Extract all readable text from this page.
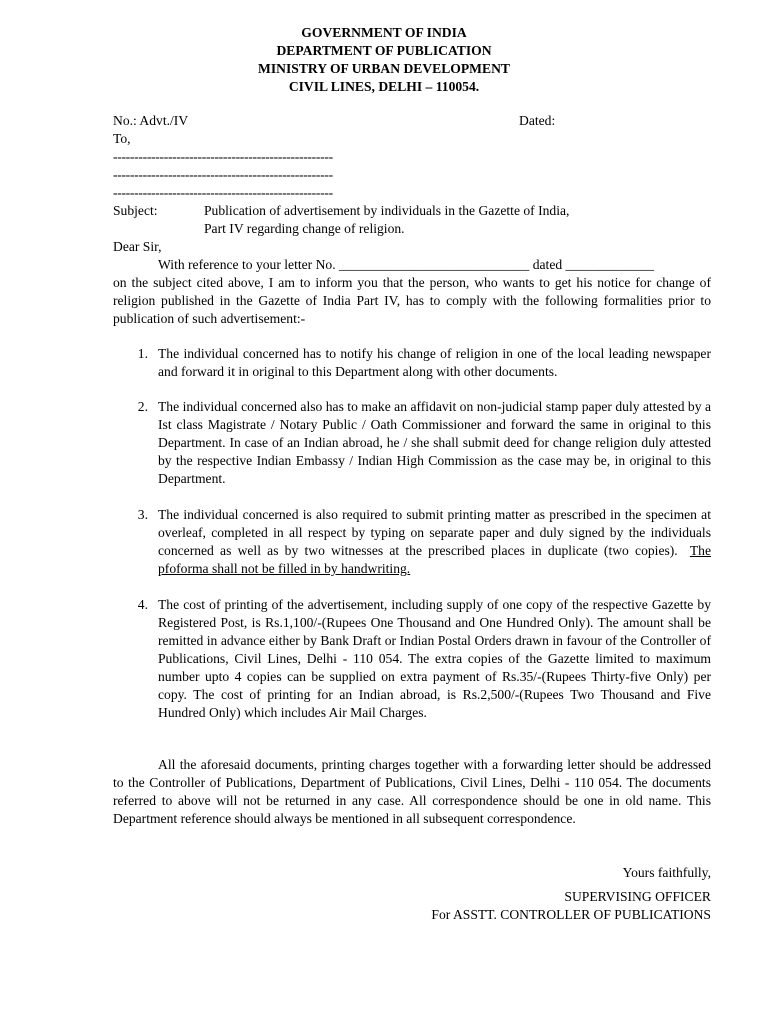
GOVERNMENT OF INDIA
DEPARTMENT OF PUBLICATION
MINISTRY OF URBAN DEVELOPMENT
CIVIL LINES, DELHI – 110054.
No.: Advt./IV	Dated:
To,
----------------------------------------------------
----------------------------------------------------
----------------------------------------------------
Subject:	Publication of advertisement by individuals in the Gazette of India,
Part IV regarding change of religion.
Dear Sir,
With reference to your letter No. ____________________________ dated _____________
on the subject cited above, I am to inform you that the person, who wants to get his notice for change of religion published in the Gazette of India Part IV, has to comply with the following formalities prior to publication of such advertisement:-
1. The individual concerned has to notify his change of religion in one of the local leading newspaper and forward it in original to this Department along with other documents.
2. The individual concerned also has to make an affidavit on non-judicial stamp paper duly attested by a Ist class Magistrate / Notary Public / Oath Commissioner and forward the same in original to this Department. In case of an Indian abroad, he / she shall submit deed for change religion duly attested by the respective Indian Embassy / Indian High Commission as the case may be, in original to this Department.
3. The individual concerned is also required to submit printing matter as prescribed in the specimen at overleaf, completed in all respect by typing on separate paper and duly signed by the individuals concerned as well as by two witnesses at the prescribed places in duplicate (two copies). The pfoforma shall not be filled in by handwriting.
4. The cost of printing of the advertisement, including supply of one copy of the respective Gazette by Registered Post, is Rs.1,100/-(Rupees One Thousand and One Hundred Only). The amount shall be remitted in advance either by Bank Draft or Indian Postal Orders drawn in favour of the Controller of Publications, Civil Lines, Delhi - 110 054. The extra copies of the Gazette limited to maximum number upto 4 copies can be supplied on extra payment of Rs.35/-(Rupees Thirty-five Only) per copy. The cost of printing for an Indian abroad, is Rs.2,500/-(Rupees Two Thousand and Five Hundred Only) which includes Air Mail Charges.
All the aforesaid documents, printing charges together with a forwarding letter should be addressed to the Controller of Publications, Department of Publications, Civil Lines, Delhi - 110 054. The documents referred to above will not be returned in any case. All correspondence should be one in old name. This Department reference should always be mentioned in all subsequent correspondence.
Yours faithfully,
SUPERVISING OFFICER
For ASSTT. CONTROLLER OF PUBLICATIONS
